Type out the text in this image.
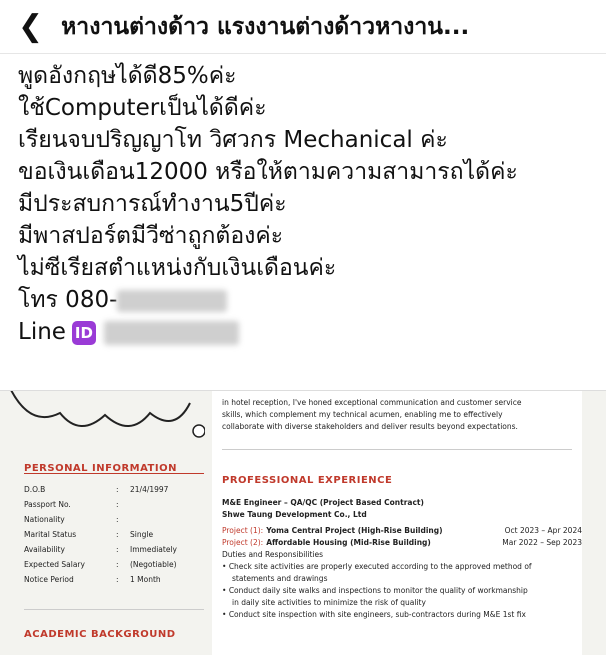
❮ หางานต่างด้าว แรงงานต่างด้าวหางาน...
พูดอังกฤษได้ดี85%ค่ะ
ใช้Computerเป็นได้ดีค่ะ
เรียนจบปริญญาโท วิศวกร Mechanical ค่ะ
ขอเงินเดือน12000 หรือให้ตามความสามารถได้ค่ะ
มีประสบการณ์ทำงาน5ปีค่ะ
มีพาสปอร์ตมีวีซ่าถูกต้องค่ะ
ไม่ซีเรียสตำแหน่งกับเงินเดือนค่ะ
โทร 080-
Line ID
PERSONAL INFORMATION
D.O.B	:	21/4/1997
Passport No.	:
Nationality	:
Marital Status	:	Single
Availability	:	Immediately
Expected Salary	:	(Negotiable)
Notice Period	:	1 Month
ACADEMIC BACKGROUND
in hotel reception, I've honed exceptional communication and customer service
skills, which complement my technical acumen, enabling me to effectively
collaborate with diverse stakeholders and deliver results beyond expectations.
PROFESSIONAL EXPERIENCE
M&E Engineer – QA/QC (Project Based Contract)
Shwe Taung Development Co., Ltd
Project (1): Yoma Central Project (High-Rise Building)	Oct 2023 – Apr 2024
Project (2): Affordable Housing (Mid-Rise Building)	Mar 2022 – Sep 2023
Duties and Responsibilities
• Check site activities are properly executed according to the approved method of
statements and drawings
• Conduct daily site walks and inspections to monitor the quality of workmanship
in daily site activities to minimize the risk of quality
• Conduct site inspection with site engineers, sub-contractors during M&E 1st fix
